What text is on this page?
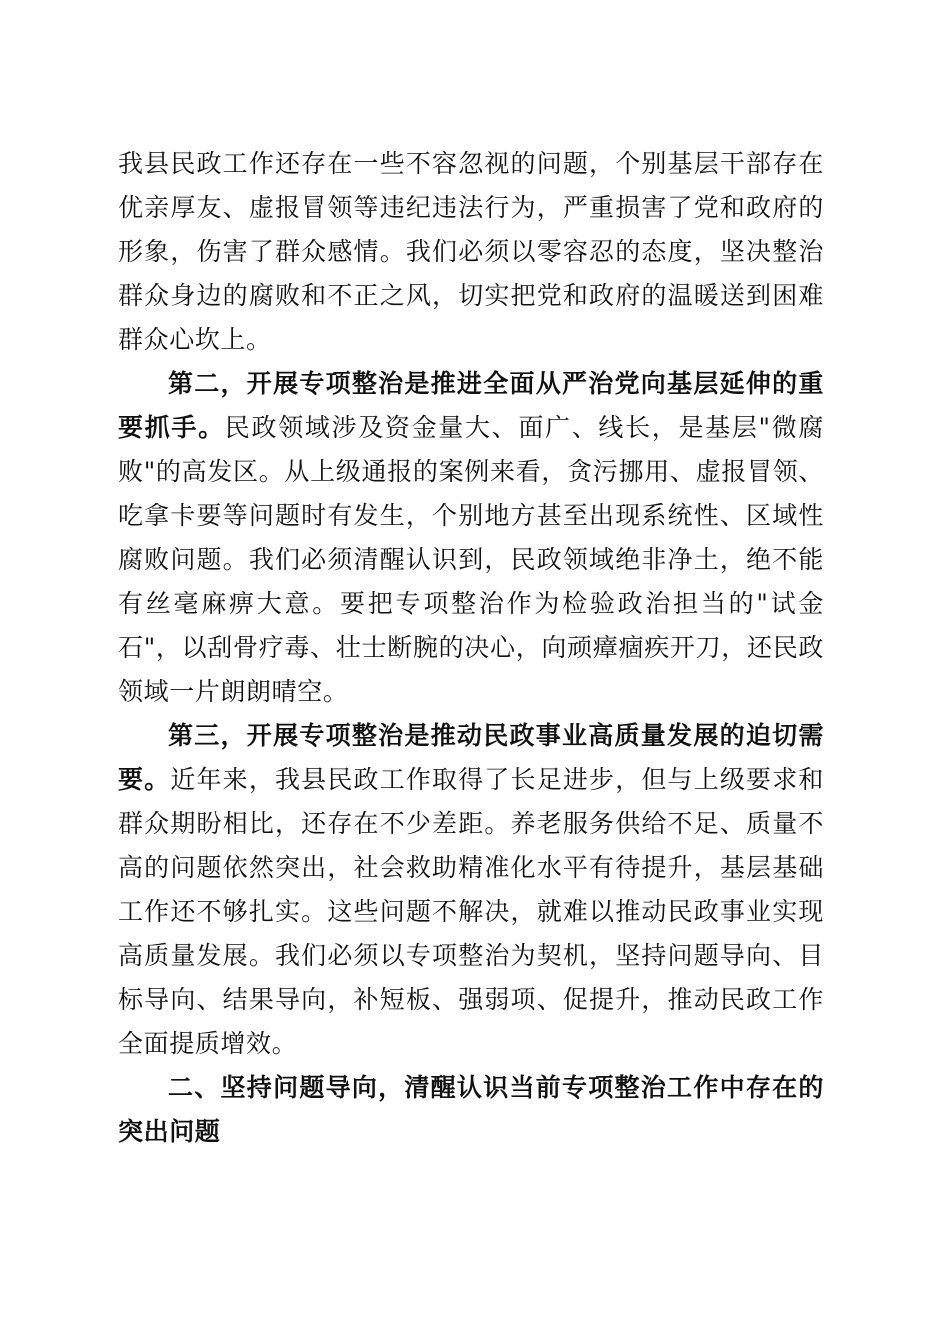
我县民政工作还存在一些不容忽视的问题，个别基层干部存在优亲厚友、虚报冒领等违纪违法行为，严重损害了党和政府的形象，伤害了群众感情。我们必须以零容忍的态度，坚决整治群众身边的腐败和不正之风，切实把党和政府的温暖送到困难群众心坎上。

第二，开展专项整治是推进全面从严治党向基层延伸的重要抓手。民政领域涉及资金量大、面广、线长，是基层"微腐败"的高发区。从上级通报的案例来看，贪污挪用、虚报冒领、吃拿卡要等问题时有发生，个别地方甚至出现系统性、区域性腐败问题。我们必须清醒认识到，民政领域绝非净土，绝不能有丝毫麻痹大意。要把专项整治作为检验政治担当的"试金石"，以刮骨疗毒、壮士断腕的决心，向顽瘴痼疾开刀，还民政领域一片朗朗晴空。

第三，开展专项整治是推动民政事业高质量发展的迫切需要。近年来，我县民政工作取得了长足进步，但与上级要求和群众期盼相比，还存在不少差距。养老服务供给不足、质量不高的问题依然突出，社会救助精准化水平有待提升，基层基础工作还不够扎实。这些问题不解决，就难以推动民政事业实现高质量发展。我们必须以专项整治为契机，坚持问题导向、目标导向、结果导向，补短板、强弱项、促提升，推动民政工作全面提质增效。

二、坚持问题导向，清醒认识当前专项整治工作中存在的突出问题
